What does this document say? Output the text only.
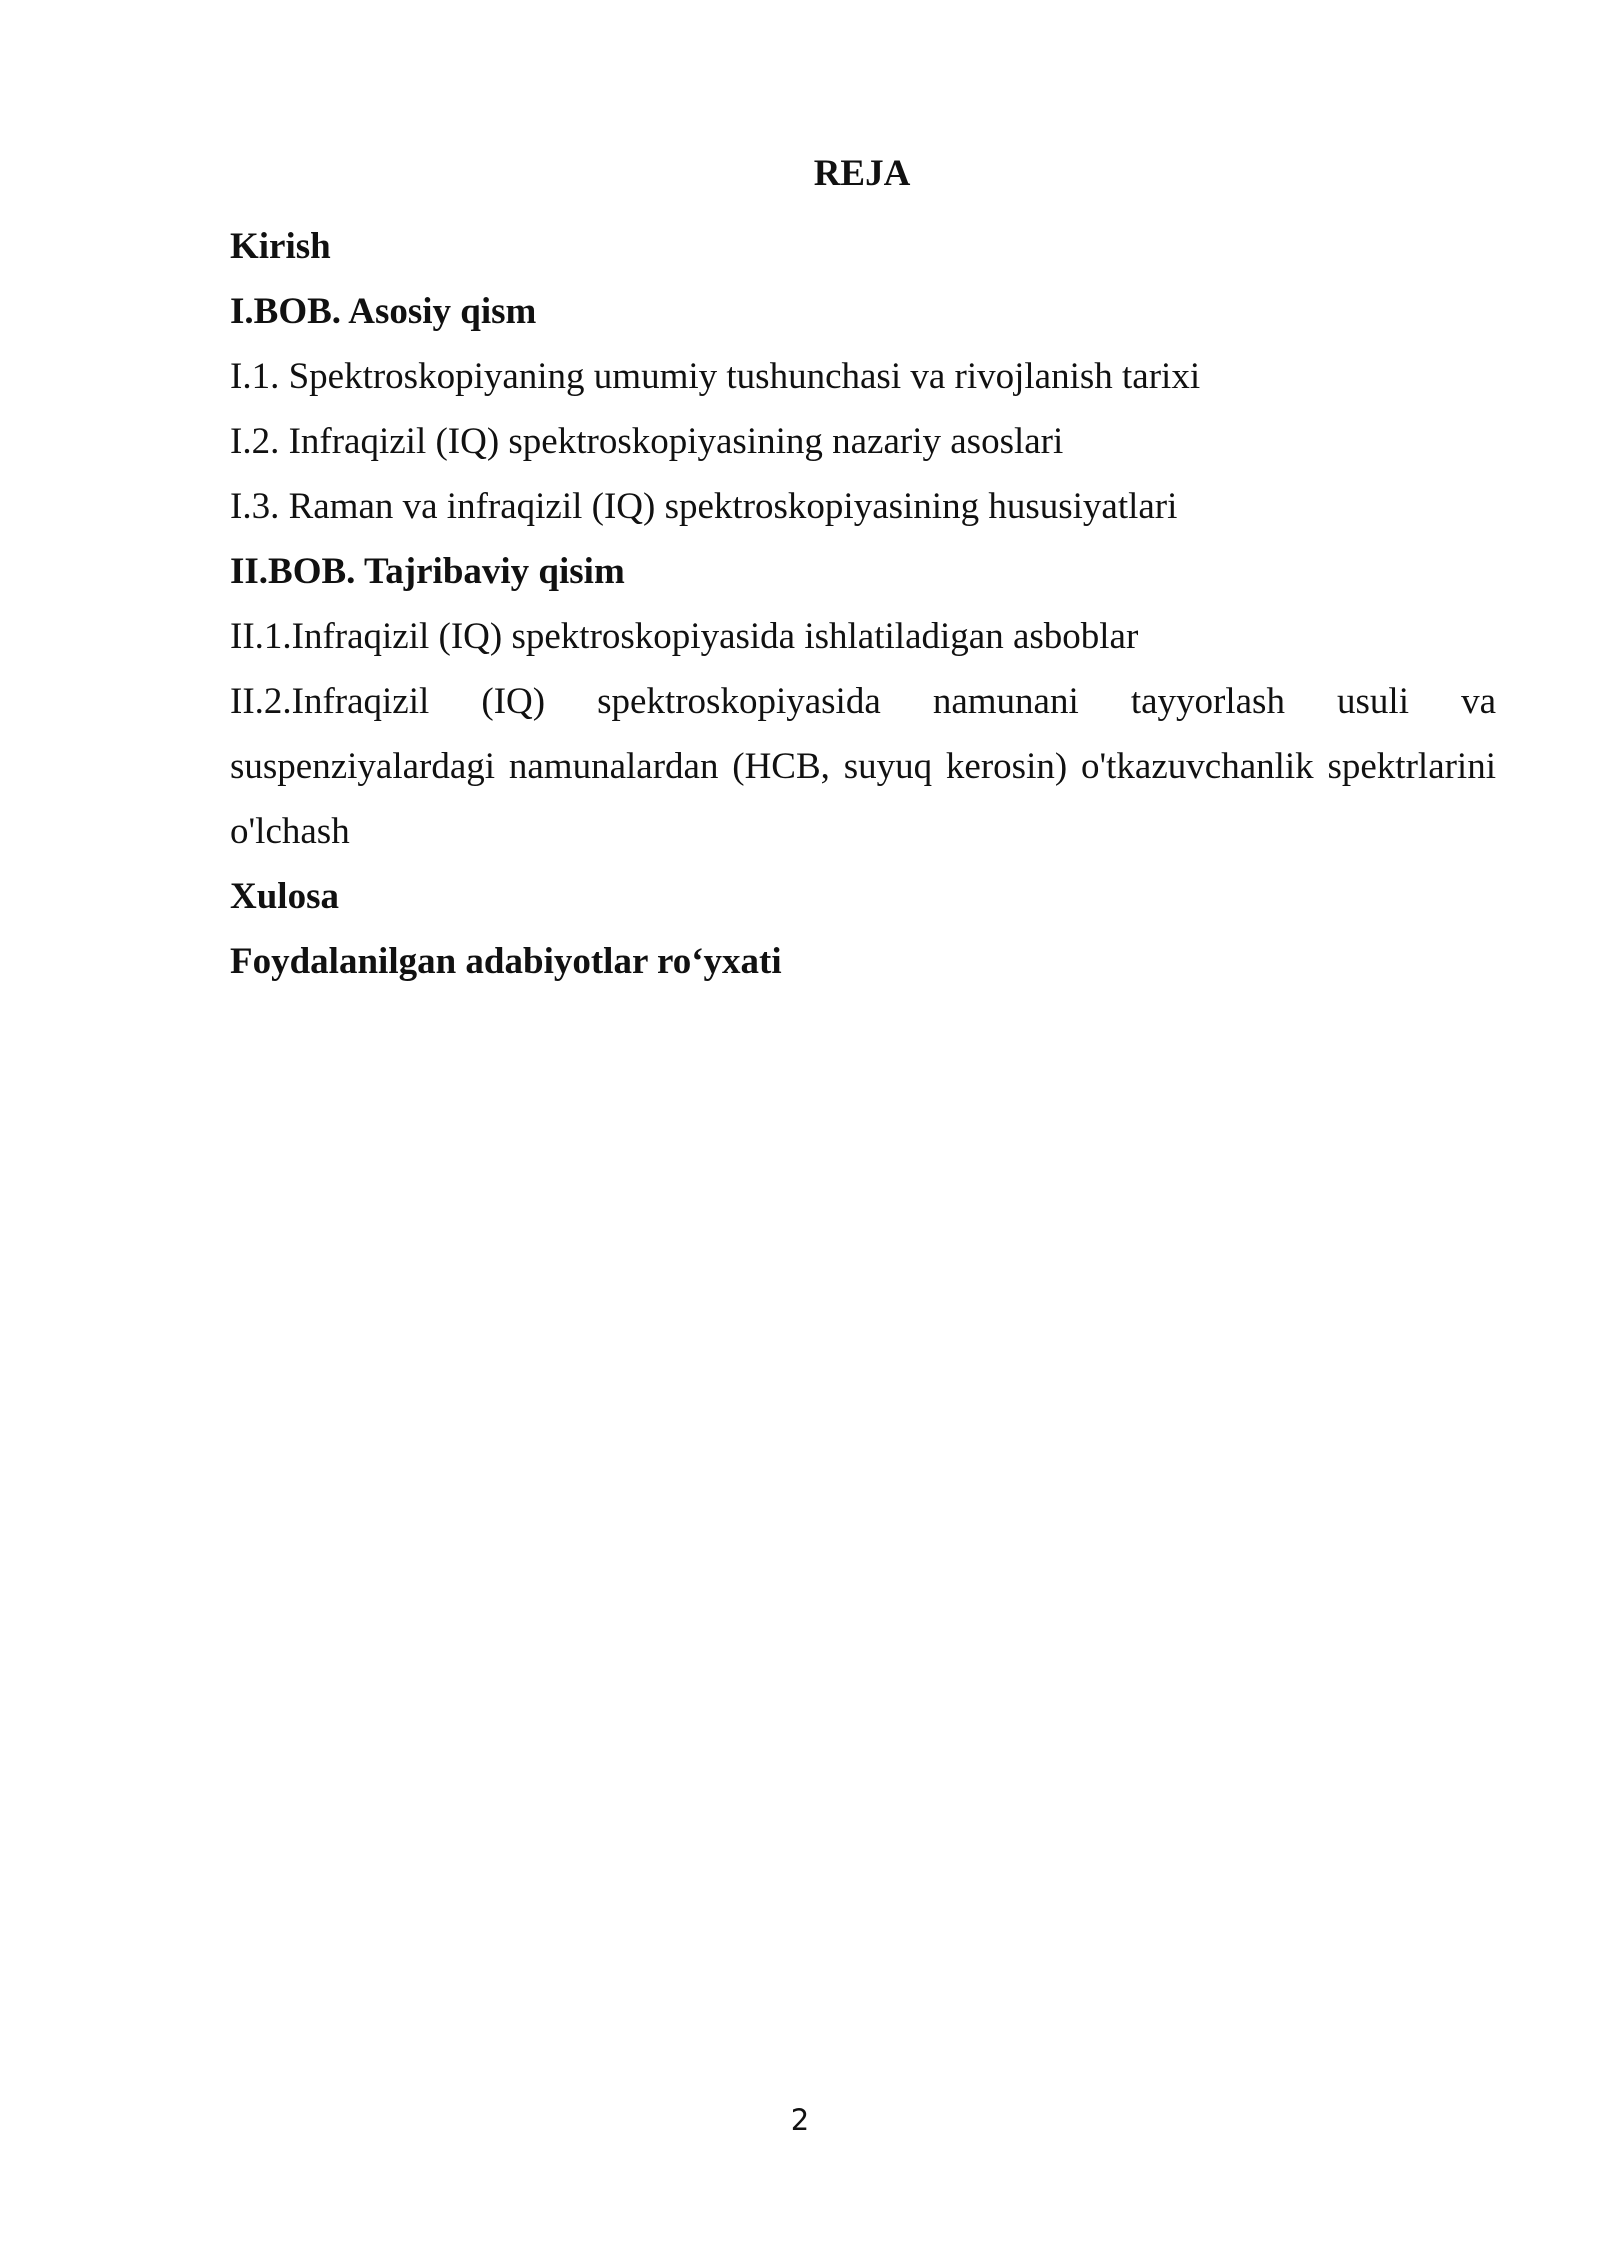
REJA

Kirish

I.BOB. Asosiy qism

I.1. Spektroskopiyaning umumiy tushunchasi va rivojlanish tarixi

I.2. Infraqizil (IQ) spektroskopiyasining nazariy asoslari

I.3. Raman va infraqizil (IQ) spektroskopiyasining hususiyatlari

II.BOB. Tajribaviy qisim

II.1.Infraqizil (IQ) spektroskopiyasida ishlatiladigan asboblar

II.2.Infraqizil (IQ) spektroskopiyasida namunani tayyorlash usuli va suspenziyalardagi namunalardan (HCB, suyuq kerosin) o'tkazuvchanlik spektrlarini o'lchash

Xulosa

Foydalanilgan adabiyotlar ro‘yxati

2
